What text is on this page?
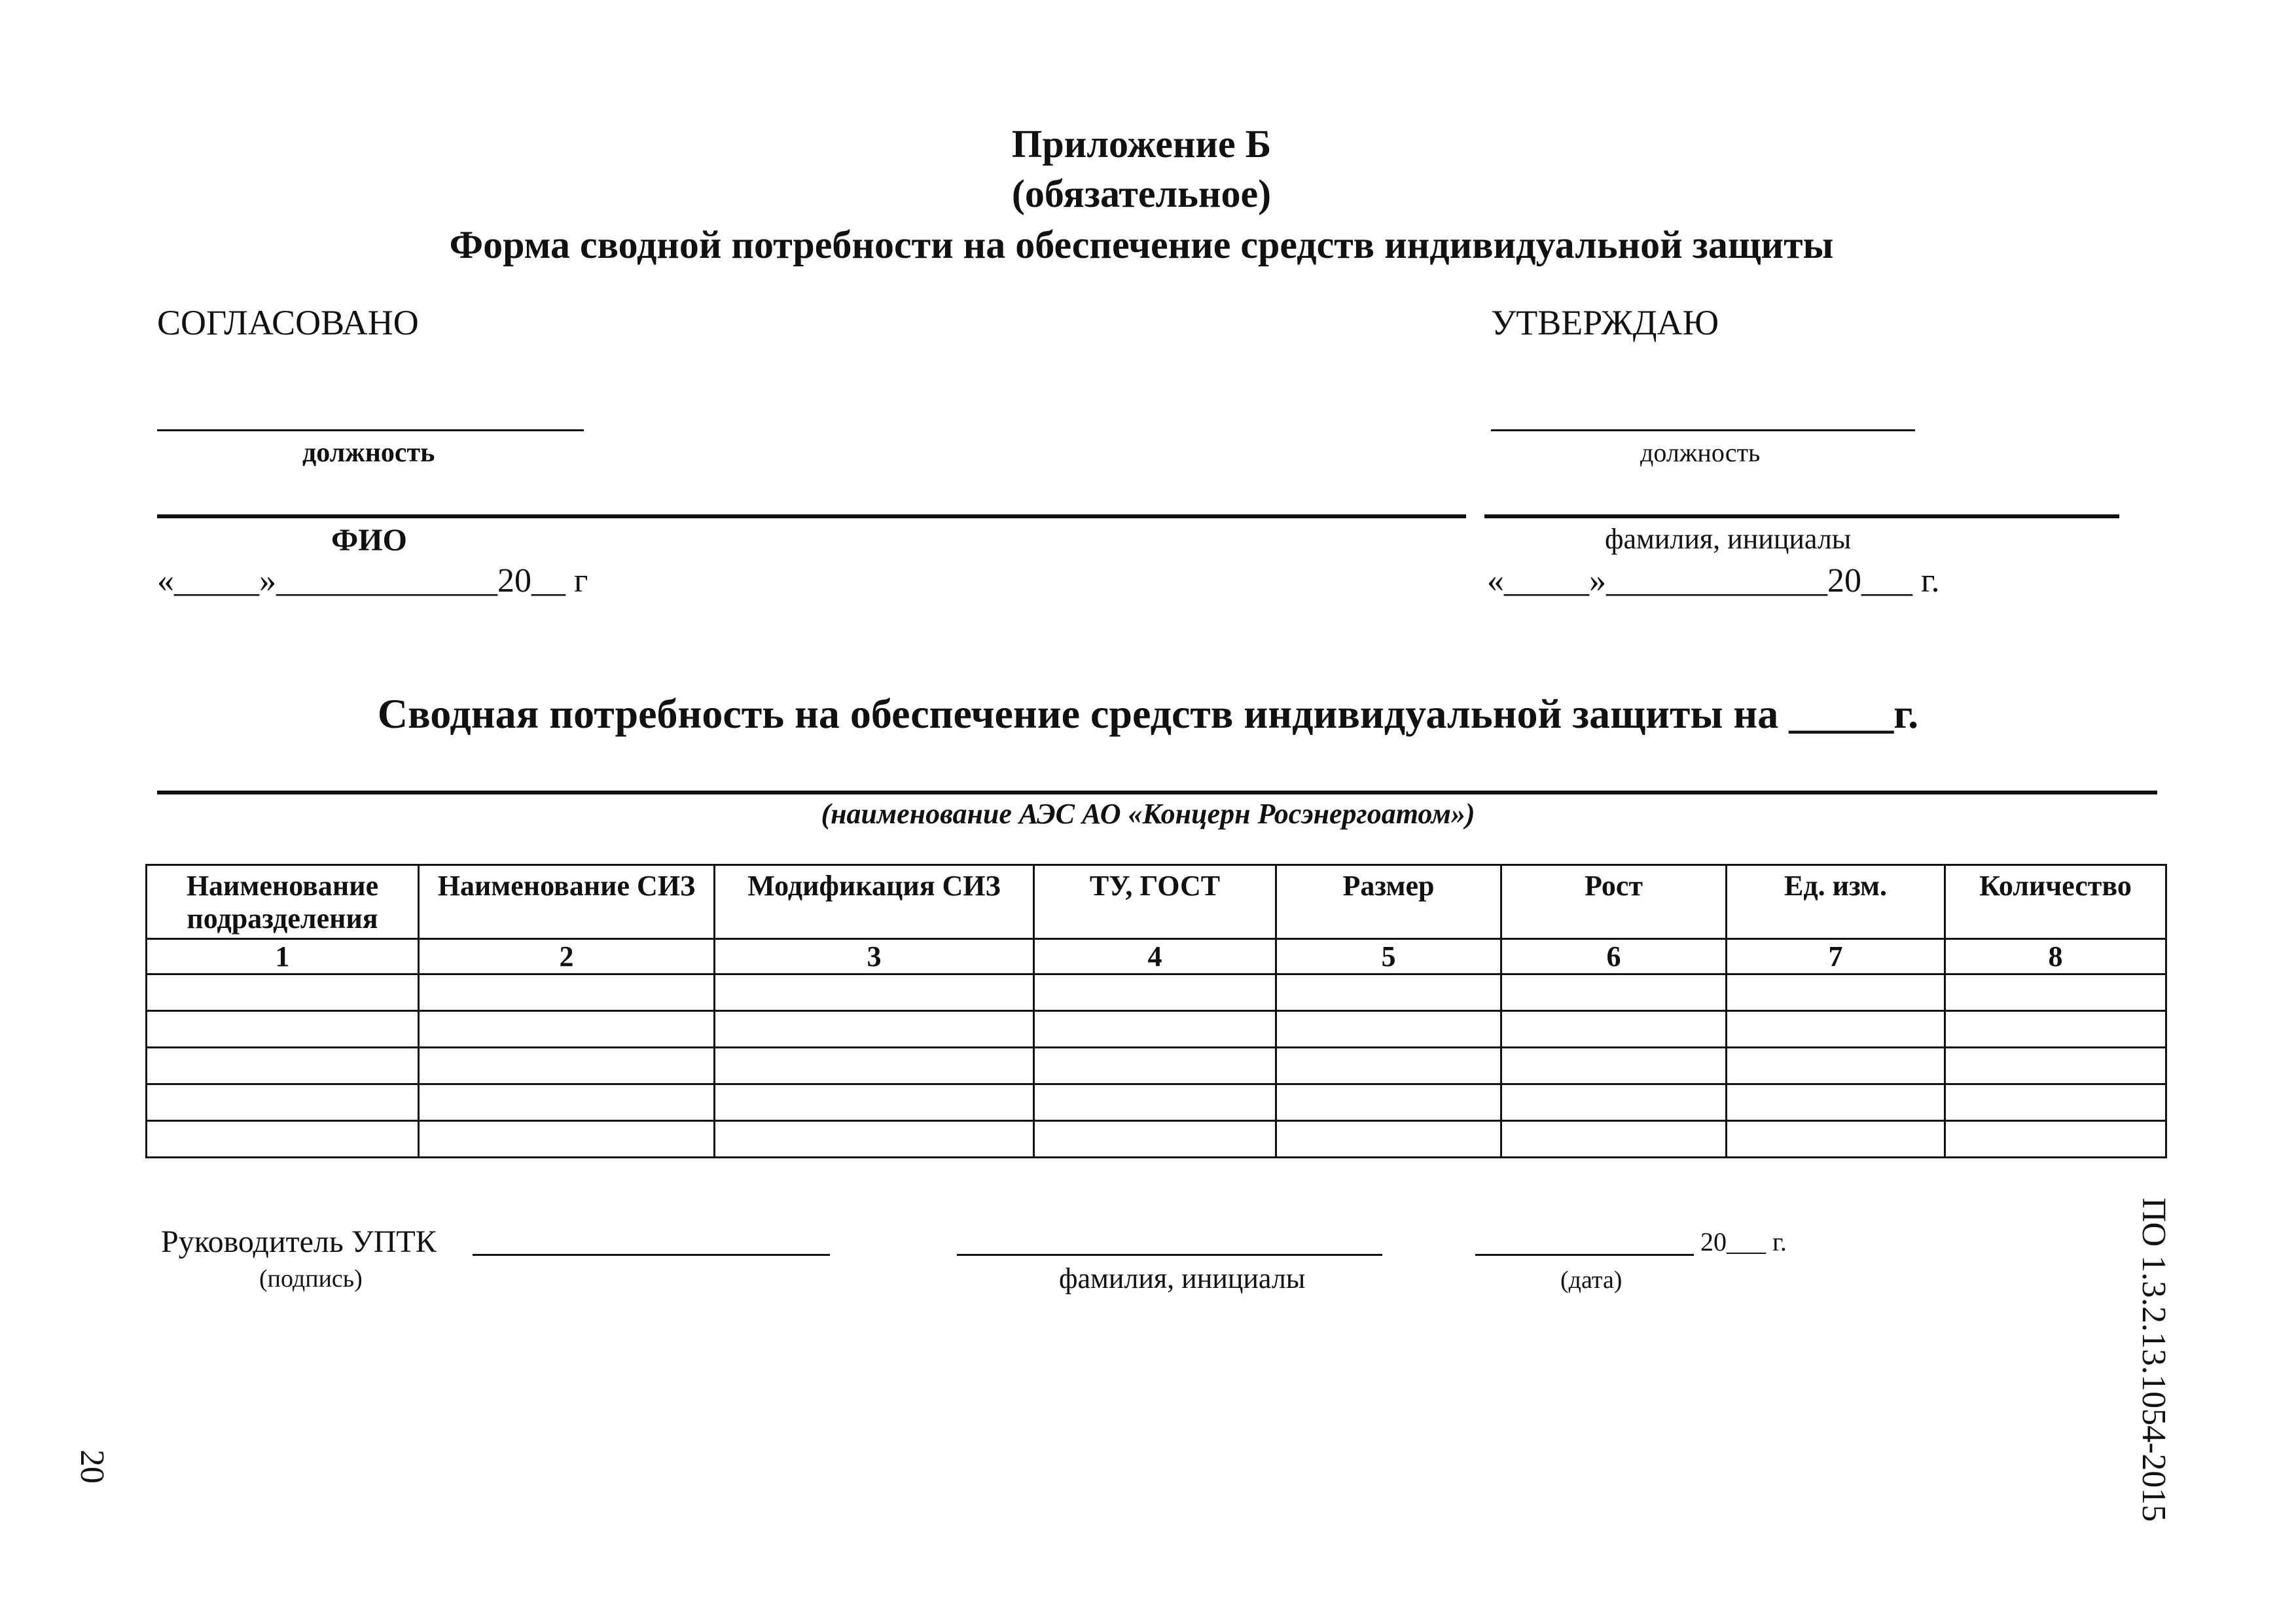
Приложение Б
(обязательное)
Форма сводной потребности на обеспечение средств индивидуальной защиты
СОГЛАСОВАНО
должность
ФИО
«_____»_____________20__ г
УТВЕРЖДАЮ
должность
фамилия, инициалы
«_____»_____________20___ г.
Сводная потребность на обеспечение средств индивидуальной защиты на _____г.
(наименование АЭС АО «Концерн Росэнергоатом»)
Наименование подразделения	Наименование СИЗ	Модификация СИЗ	ТУ, ГОСТ	Размер	Рост	Ед. изм.	Количество
1	2	3	4	5	6	7	8

Руководитель УПТК
(подпись)	фамилия, инициалы
20___ г.
(дата)	ПО 1.3.2.13.1054-2015
20
